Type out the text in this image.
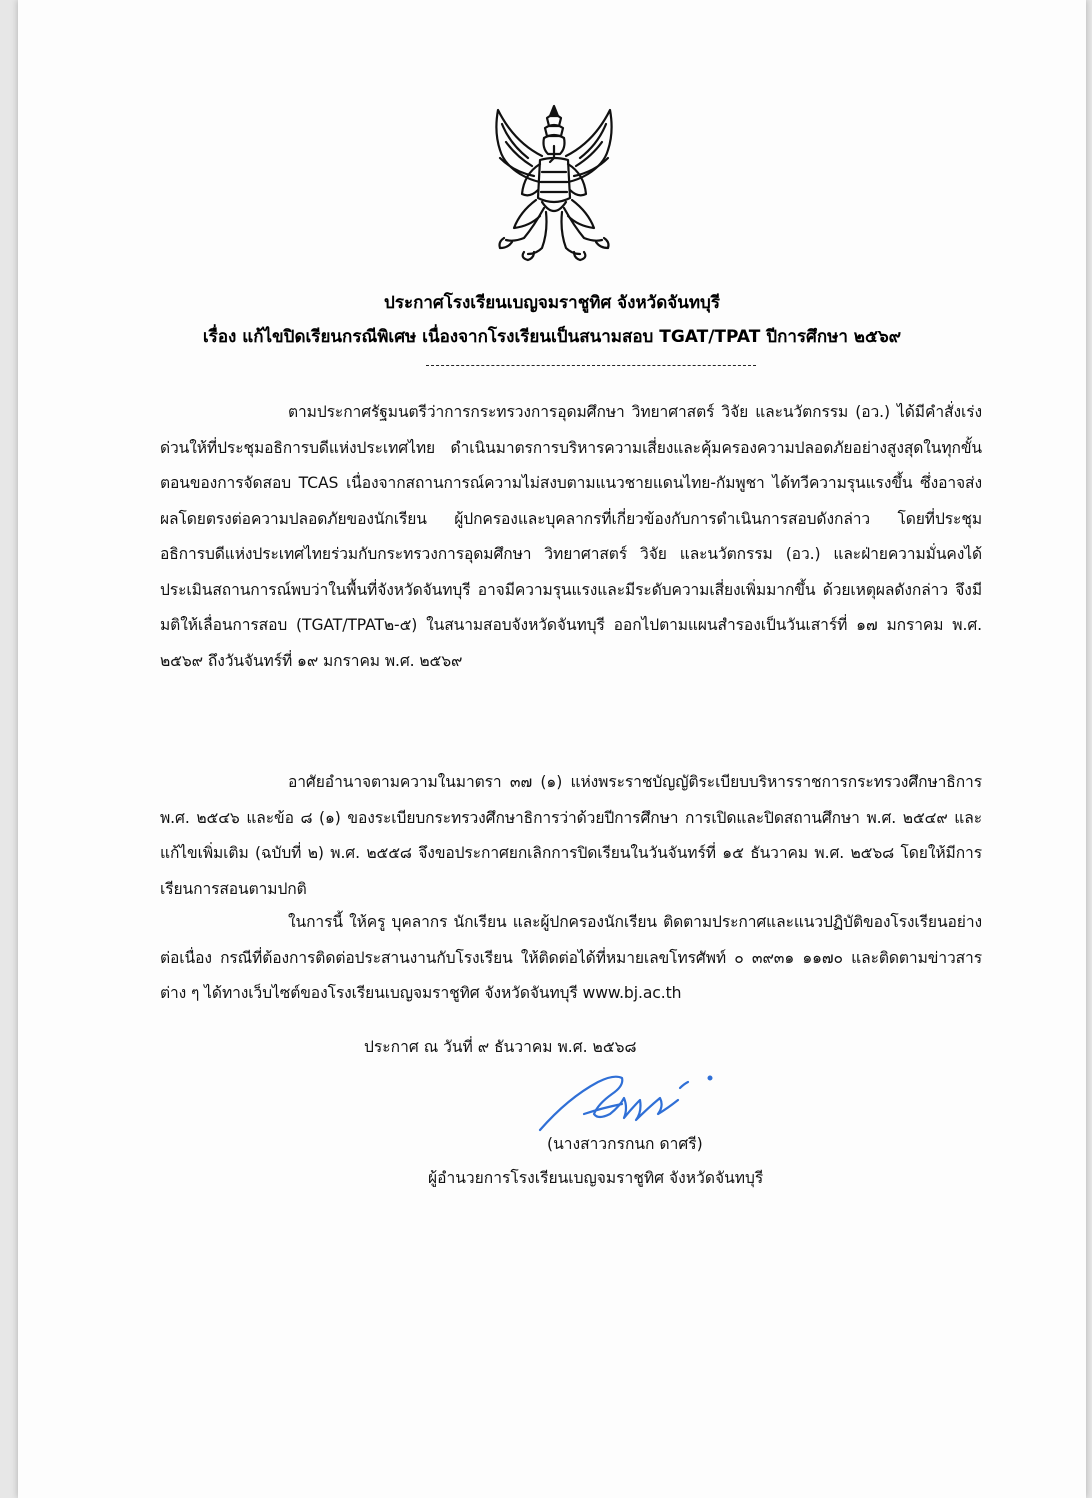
ประกาศโรงเรียนเบญจมราชูทิศ จังหวัดจันทบุรี
เรื่อง แก้ไขปิดเรียนกรณีพิเศษ เนื่องจากโรงเรียนเป็นสนามสอบ TGAT/TPAT ปีการศึกษา ๒๕๖๙
ตามประกาศรัฐมนตรีว่าการกระทรวงการอุดมศึกษา วิทยาศาสตร์ วิจัย และนวัตกรรม (อว.) ได้มีคำสั่งเร่งด่วนให้ที่ประชุมอธิการบดีแห่งประเทศไทย ดำเนินมาตรการบริหารความเสี่ยงและคุ้มครองความปลอดภัยอย่างสูงสุดในทุกขั้นตอนของการจัดสอบ TCAS เนื่องจากสถานการณ์ความไม่สงบตามแนวชายแดนไทย-กัมพูชา ได้ทวีความรุนแรงขึ้น ซึ่งอาจส่งผลโดยตรงต่อความปลอดภัยของนักเรียน ผู้ปกครองและบุคลากรที่เกี่ยวข้องกับการดำเนินการสอบดังกล่าว โดยที่ประชุมอธิการบดีแห่งประเทศไทยร่วมกับกระทรวงการอุดมศึกษา วิทยาศาสตร์ วิจัย และนวัตกรรม (อว.) และฝ่ายความมั่นคงได้ประเมินสถานการณ์พบว่าในพื้นที่จังหวัดจันทบุรี อาจมีความรุนแรงและมีระดับความเสี่ยงเพิ่มมากขึ้น ด้วยเหตุผลดังกล่าว จึงมีมติให้เลื่อนการสอบ (TGAT/TPAT๒-๕) ในสนามสอบจังหวัดจันทบุรี ออกไปตามแผนสำรองเป็นวันเสาร์ที่ ๑๗ มกราคม พ.ศ. ๒๕๖๙ ถึงวันจันทร์ที่ ๑๙ มกราคม พ.ศ. ๒๕๖๙
อาศัยอำนาจตามความในมาตรา ๓๗ (๑) แห่งพระราชบัญญัติระเบียบบริหารราชการกระทรวงศึกษาธิการ พ.ศ. ๒๕๔๖ และข้อ ๘ (๑) ของระเบียบกระทรวงศึกษาธิการว่าด้วยปีการศึกษา การเปิดและปิดสถานศึกษา พ.ศ. ๒๕๔๙ และแก้ไขเพิ่มเติม (ฉบับที่ ๒) พ.ศ. ๒๕๕๘ จึงขอประกาศยกเลิกการปิดเรียนในวันจันทร์ที่ ๑๕ ธันวาคม พ.ศ. ๒๕๖๘ โดยให้มีการเรียนการสอนตามปกติ
ในการนี้ ให้ครู บุคลากร นักเรียน และผู้ปกครองนักเรียน ติดตามประกาศและแนวปฏิบัติของโรงเรียนอย่างต่อเนื่อง กรณีที่ต้องการติดต่อประสานงานกับโรงเรียน ให้ติดต่อได้ที่หมายเลขโทรศัพท์ ๐ ๓๙๓๑ ๑๑๗๐ และติดตามข่าวสารต่าง ๆ ได้ทางเว็บไซต์ของโรงเรียนเบญจมราชูทิศ จังหวัดจันทบุรี www.bj.ac.th
ประกาศ ณ วันที่ ๙ ธันวาคม พ.ศ. ๒๕๖๘
(นางสาวกรกนก ดาศรี)
ผู้อำนวยการโรงเรียนเบญจมราชูทิศ จังหวัดจันทบุรี
